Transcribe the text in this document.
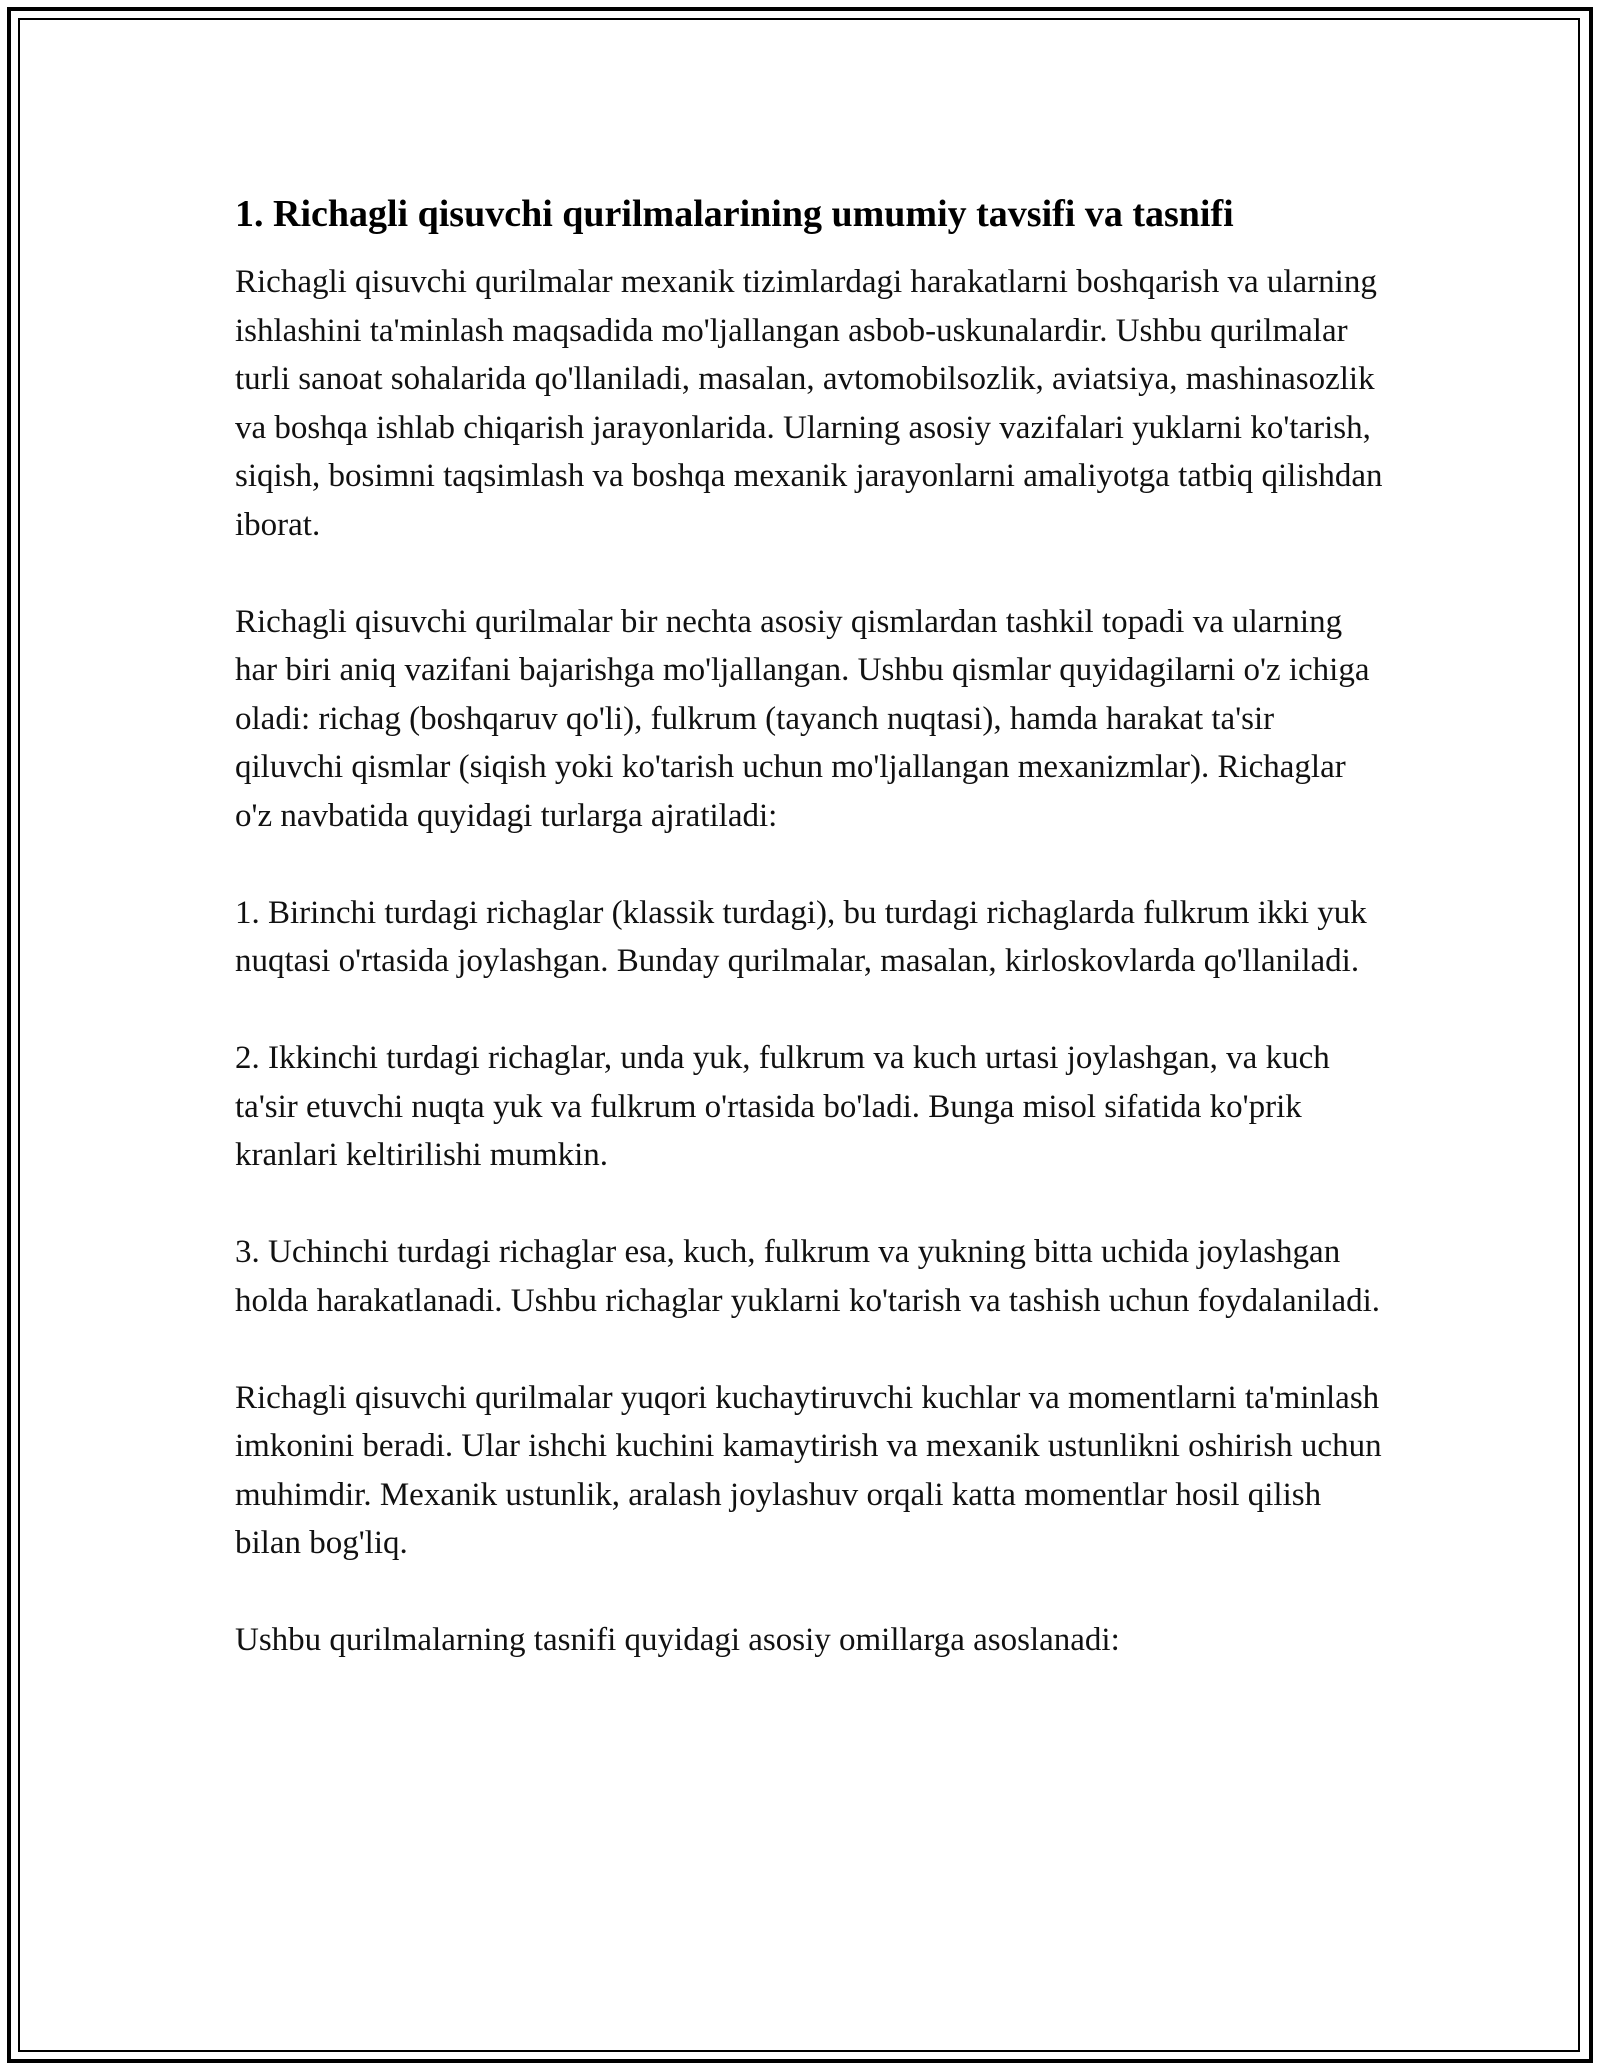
1. Richagli qisuvchi qurilmalarining umumiy tavsifi va tasnifi

Richagli qisuvchi qurilmalar mexanik tizimlardagi harakatlarni boshqarish va ularning ishlashini ta'minlash maqsadida mo'ljallangan asbob-uskunalardir. Ushbu qurilmalar turli sanoat sohalarida qo'llaniladi, masalan, avtomobilsozlik, aviatsiya, mashinasozlik va boshqa ishlab chiqarish jarayonlarida. Ularning asosiy vazifalari yuklarni ko'tarish, siqish, bosimni taqsimlash va boshqa mexanik jarayonlarni amaliyotga tatbiq qilishdan iborat.

Richagli qisuvchi qurilmalar bir nechta asosiy qismlardan tashkil topadi va ularning har biri aniq vazifani bajarishga mo'ljallangan. Ushbu qismlar quyidagilarni o'z ichiga oladi: richag (boshqaruv qo'li), fulkrum (tayanch nuqtasi), hamda harakat ta'sir qiluvchi qismlar (siqish yoki ko'tarish uchun mo'ljallangan mexanizmlar). Richaglar o'z navbatida quyidagi turlarga ajratiladi:

1. Birinchi turdagi richaglar (klassik turdagi), bu turdagi richaglarda fulkrum ikki yuk nuqtasi o'rtasida joylashgan. Bunday qurilmalar, masalan, kirloskovlarda qo'llaniladi.

2. Ikkinchi turdagi richaglar, unda yuk, fulkrum va kuch urtasi joylashgan, va kuch ta'sir etuvchi nuqta yuk va fulkrum o'rtasida bo'ladi. Bunga misol sifatida ko'prik kranlari keltirilishi mumkin.

3. Uchinchi turdagi richaglar esa, kuch, fulkrum va yukning bitta uchida joylashgan holda harakatlanadi. Ushbu richaglar yuklarni ko'tarish va tashish uchun foydalaniladi.

Richagli qisuvchi qurilmalar yuqori kuchaytiruvchi kuchlar va momentlarni ta'minlash imkonini beradi. Ular ishchi kuchini kamaytirish va mexanik ustunlikni oshirish uchun muhimdir. Mexanik ustunlik, aralash joylashuv orqali katta momentlar hosil qilish bilan bog'liq.

Ushbu qurilmalarning tasnifi quyidagi asosiy omillarga asoslanadi:
